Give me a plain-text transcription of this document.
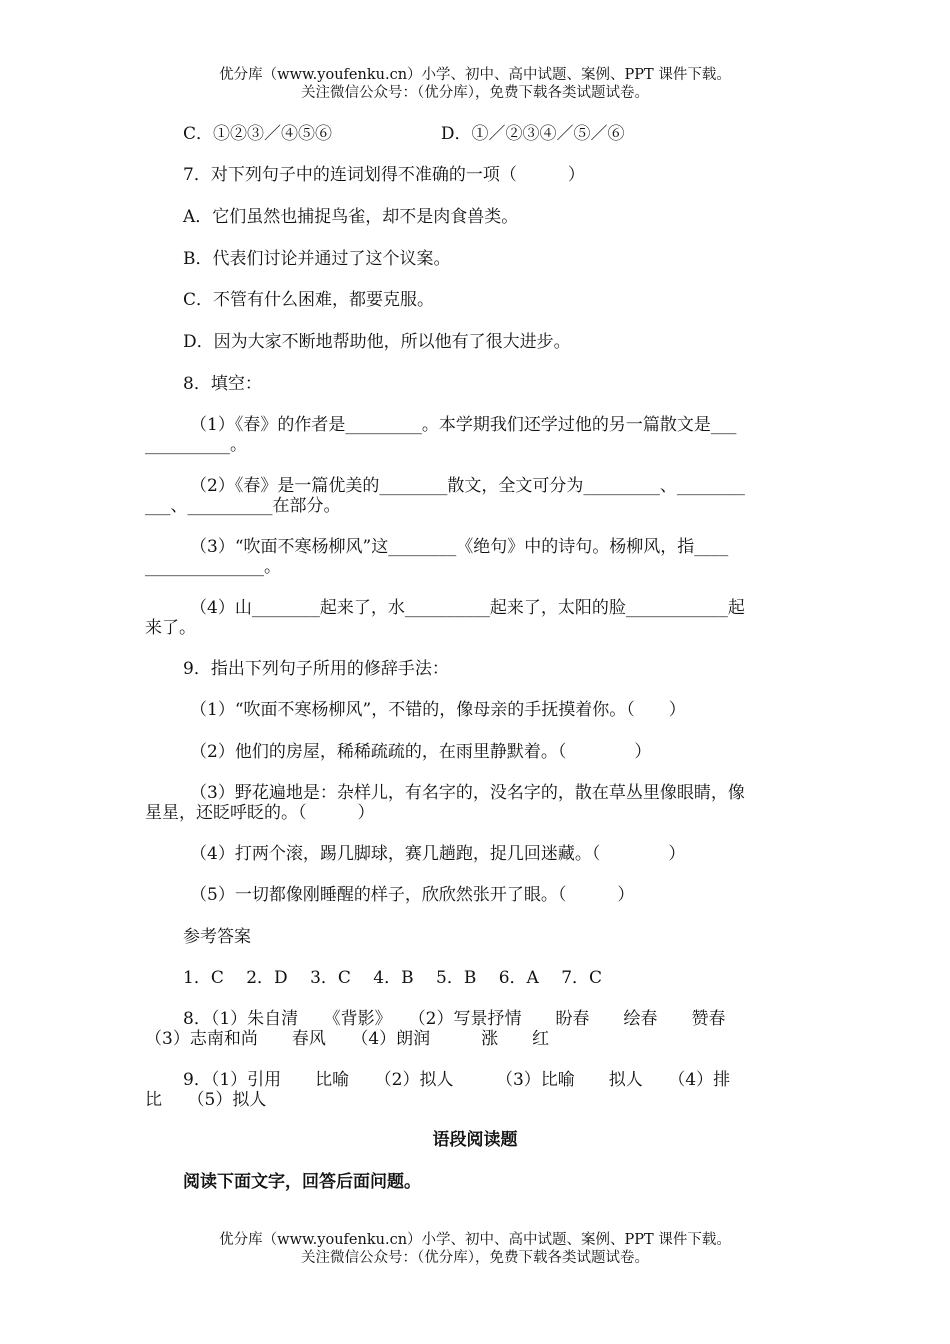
优分库（www.youfenku.cn）小学、初中、高中试题、案例、PPT 课件下载。
关注微信公众号：（优分库），免费下载各类试题试卷。
C．①②③／④⑤⑥	D．①／②③④／⑤／⑥
7．对下列句子中的连词划得不准确的一项（　　　）
A．它们虽然也捕捉鸟雀，却不是肉食兽类。
B．代表们讨论并通过了这个议案。
C．不管有什么困难，都要克服。
D．因为大家不断地帮助他，所以他有了很大进步。
8．填空：
（1）《春》的作者是_________。本学期我们还学过他的另一篇散文是___
__________。
（2）《春》是一篇优美的________散文，全文可分为_________、________
___、__________在部分。
（3）“吹面不寒杨柳风”这________《绝句》中的诗句。杨柳风，指____
______________。
（4）山________起来了，水__________起来了，太阳的脸____________起
来了。
9．指出下列句子所用的修辞手法：
（1）“吹面不寒杨柳风”，不错的，像母亲的手抚摸着你。（　　）
（2）他们的房屋，稀稀疏疏的，在雨里静默着。（　　　　）
（3）野花遍地是：杂样儿，有名字的，没名字的，散在草丛里像眼睛，像
星星，还眨呼眨的。（　　　）
（4）打两个滚，踢几脚球，赛几趟跑，捉几回迷藏。（　　　　）
（5）一切都像刚睡醒的样子，欣欣然张开了眼。（　　　）
参考答案
1．C　 2．D　 3．C　 4．B　 5．B　 6．A　 7．C
8．（1）朱自清　　《背影》　　（2）写景抒情　　盼春　　绘春　　赞春
（3）志南和尚　　春风　　（4）朗润　　　涨　　红
9．（1）引用　　比喻　　（2）拟人　　　（3）比喻　　拟人　　（4）排
比　　（5）拟人
语段阅读题
阅读下面文字，回答后面问题。
优分库（www.youfenku.cn）小学、初中、高中试题、案例、PPT 课件下载。
关注微信公众号：（优分库），免费下载各类试题试卷。
